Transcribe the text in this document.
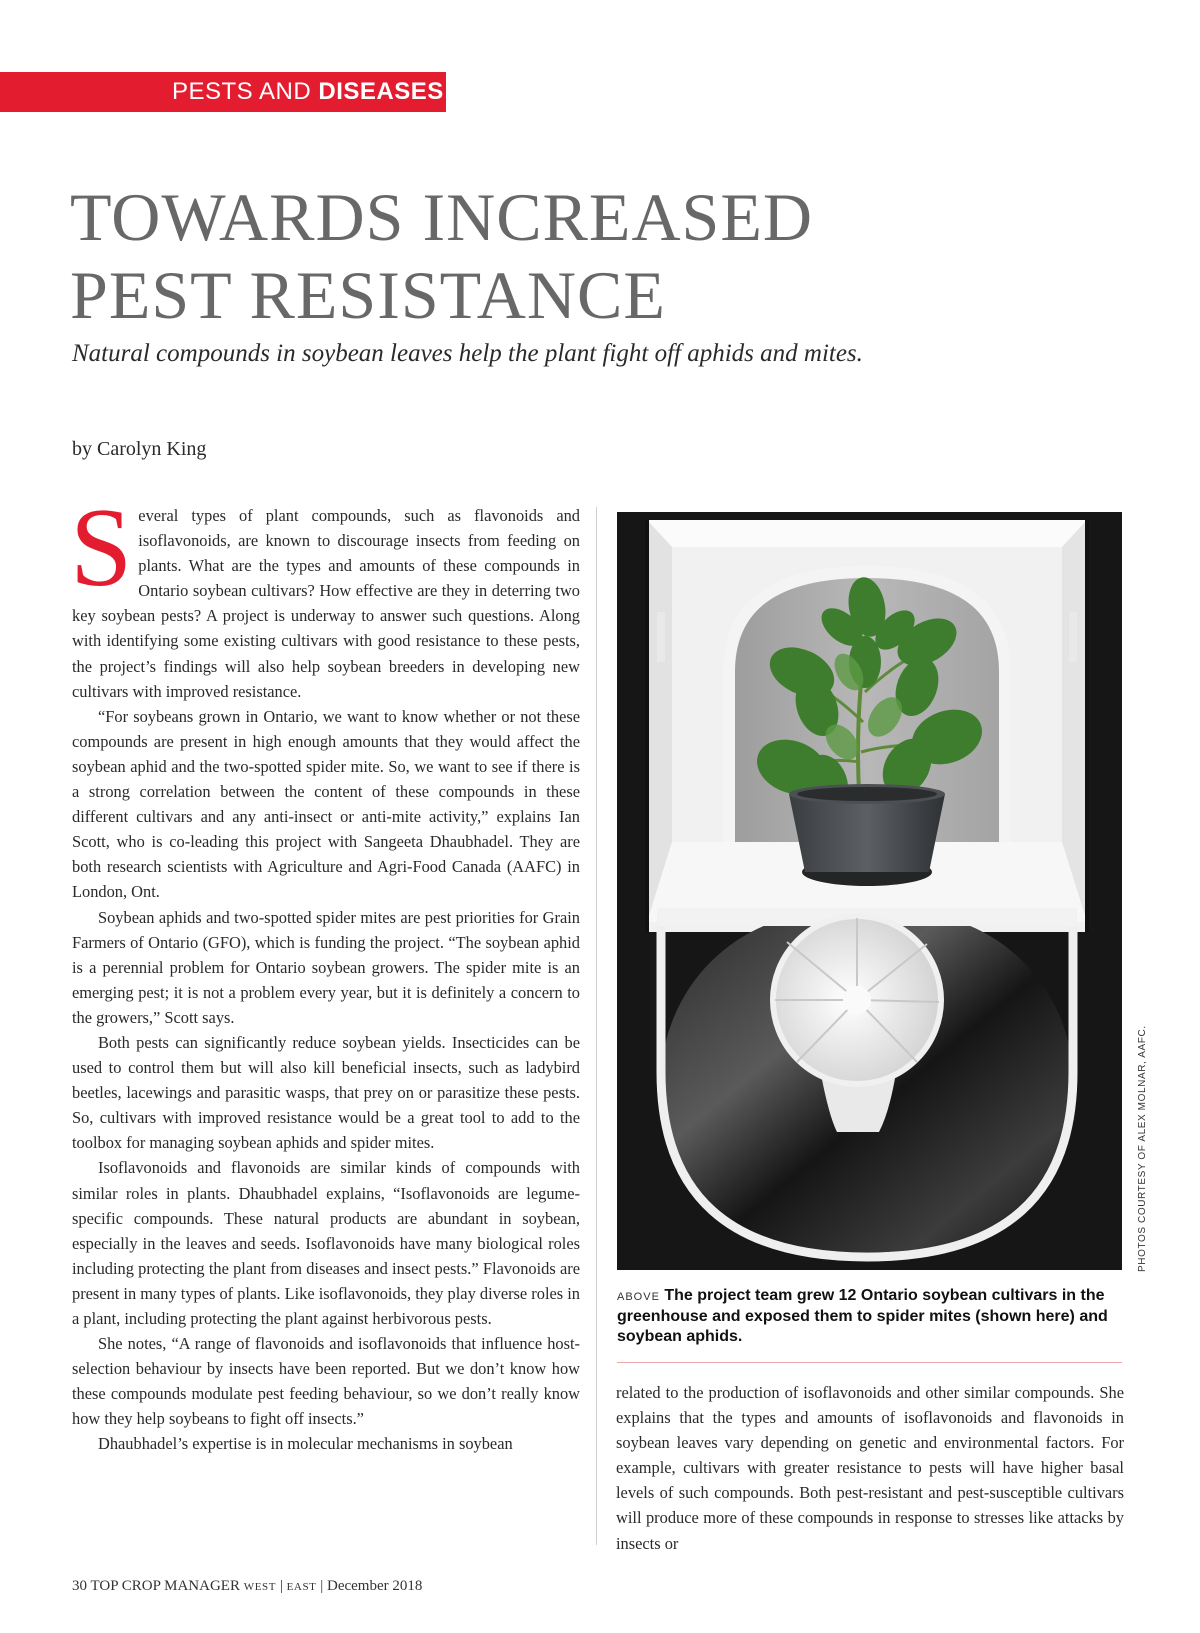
PESTS AND DISEASES
TOWARDS INCREASED
PEST RESISTANCE

Natural compounds in soybean leaves help the plant fight off aphids and mites.

by Carolyn King

Several types of plant compounds, such as flavonoids and isoflavonoids, are known to discourage insects from feeding on plants. What are the types and amounts of these compounds in Ontario soybean cultivars? How effective are they in deterring two key soybean pests? A project is underway to answer such questions. Along with identifying some existing cultivars with good resistance to these pests, the project’s findings will also help soybean breeders in developing new cultivars with improved resistance.

“For soybeans grown in Ontario, we want to know whether or not these compounds are present in high enough amounts that they would affect the soybean aphid and the two-spotted spider mite. So, we want to see if there is a strong correlation between the content of these compounds in these different cultivars and any anti-insect or anti-mite activity,” explains Ian Scott, who is co-leading this project with Sangeeta Dhaubhadel. They are both research scientists with Agriculture and Agri-Food Canada (AAFC) in London, Ont.

Soybean aphids and two-spotted spider mites are pest priorities for Grain Farmers of Ontario (GFO), which is funding the project. “The soybean aphid is a perennial problem for Ontario soybean growers. The spider mite is an emerging pest; it is not a problem every year, but it is definitely a concern to the growers,” Scott says.

Both pests can significantly reduce soybean yields. Insecticides can be used to control them but will also kill beneficial insects, such as ladybird beetles, lacewings and parasitic wasps, that prey on or parasitize these pests. So, cultivars with improved resistance would be a great tool to add to the toolbox for managing soybean aphids and spider mites.

Isoflavonoids and flavonoids are similar kinds of compounds with similar roles in plants. Dhaubhadel explains, “Isoflavonoids are legume-specific compounds. These natural products are abundant in soybean, especially in the leaves and seeds. Isoflavonoids have many biological roles including protecting the plant from diseases and insect pests.” Flavonoids are present in many types of plants. Like isoflavonoids, they play diverse roles in a plant, including protecting the plant against herbivorous pests.

She notes, “A range of flavonoids and isoflavonoids that influence host-selection behaviour by insects have been reported. But we don’t know how these compounds modulate pest feeding behaviour, so we don’t really know how they help soybeans to fight off insects.”

Dhaubhadel’s expertise is in molecular mechanisms in soybean

PHOTOS COURTESY OF ALEX MOLNAR, AAFC.
ABOVE The project team grew 12 Ontario soybean cultivars in the greenhouse and exposed them to spider mites (shown here) and soybean aphids.

related to the production of isoflavonoids and other similar compounds. She explains that the types and amounts of isoflavonoids and flavonoids in soybean leaves vary depending on genetic and environmental factors. For example, cultivars with greater resistance to pests will have higher basal levels of such compounds. Both pest-resistant and pest-susceptible cultivars will produce more of these compounds in response to stresses like attacks by insects or

30 TOP CROP MANAGER WEST | EAST | December 2018
